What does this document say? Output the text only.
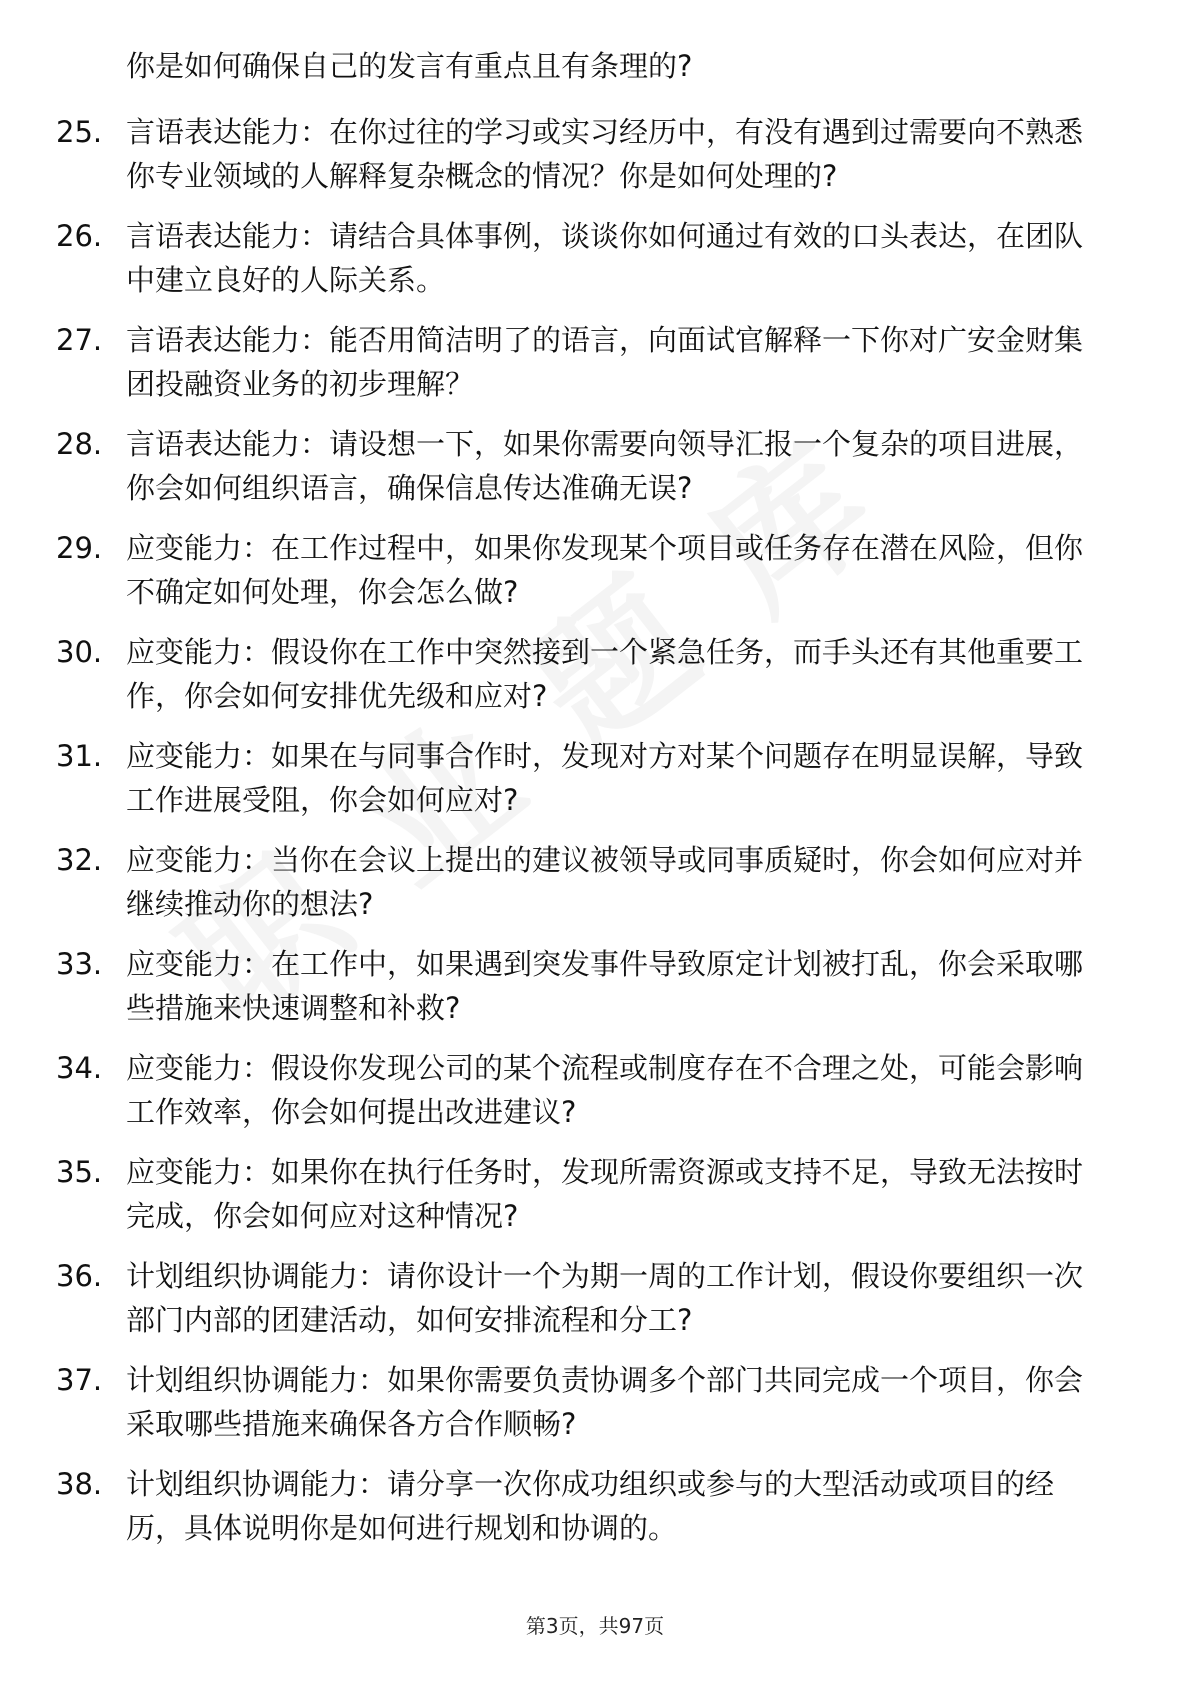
你是如何确保自己的发言有重点且有条理的?
25. 言语表达能力：在你过往的学习或实习经历中，有没有遇到过需要向不熟悉你专业领域的人解释复杂概念的情况？你是如何处理的?
26. 言语表达能力：请结合具体事例，谈谈你如何通过有效的口头表达，在团队中建立良好的人际关系。
27. 言语表达能力：能否用简洁明了的语言，向面试官解释一下你对广安金财集团投融资业务的初步理解？
28. 言语表达能力：请设想一下，如果你需要向领导汇报一个复杂的项目进展，你会如何组织语言，确保信息传达准确无误?
29. 应变能力：在工作过程中，如果你发现某个项目或任务存在潜在风险，但你不确定如何处理，你会怎么做?
30. 应变能力：假设你在工作中突然接到一个紧急任务，而手头还有其他重要工作，你会如何安排优先级和应对?
31. 应变能力：如果在与同事合作时，发现对方对某个问题存在明显误解，导致工作进展受阻，你会如何应对?
32. 应变能力：当你在会议上提出的建议被领导或同事质疑时，你会如何应对并继续推动你的想法?
33. 应变能力：在工作中，如果遇到突发事件导致原定计划被打乱，你会采取哪些措施来快速调整和补救?
34. 应变能力：假设你发现公司的某个流程或制度存在不合理之处，可能会影响工作效率，你会如何提出改进建议?
35. 应变能力：如果你在执行任务时，发现所需资源或支持不足，导致无法按时完成，你会如何应对这种情况?
36. 计划组织协调能力：请你设计一个为期一周的工作计划，假设你要组织一次部门内部的团建活动，如何安排流程和分工?
37. 计划组织协调能力：如果你需要负责协调多个部门共同完成一个项目，你会采取哪些措施来确保各方合作顺畅?
38. 计划组织协调能力：请分享一次你成功组织或参与的大型活动或项目的经历，具体说明你是如何进行规划和协调的。
第3页，共97页
